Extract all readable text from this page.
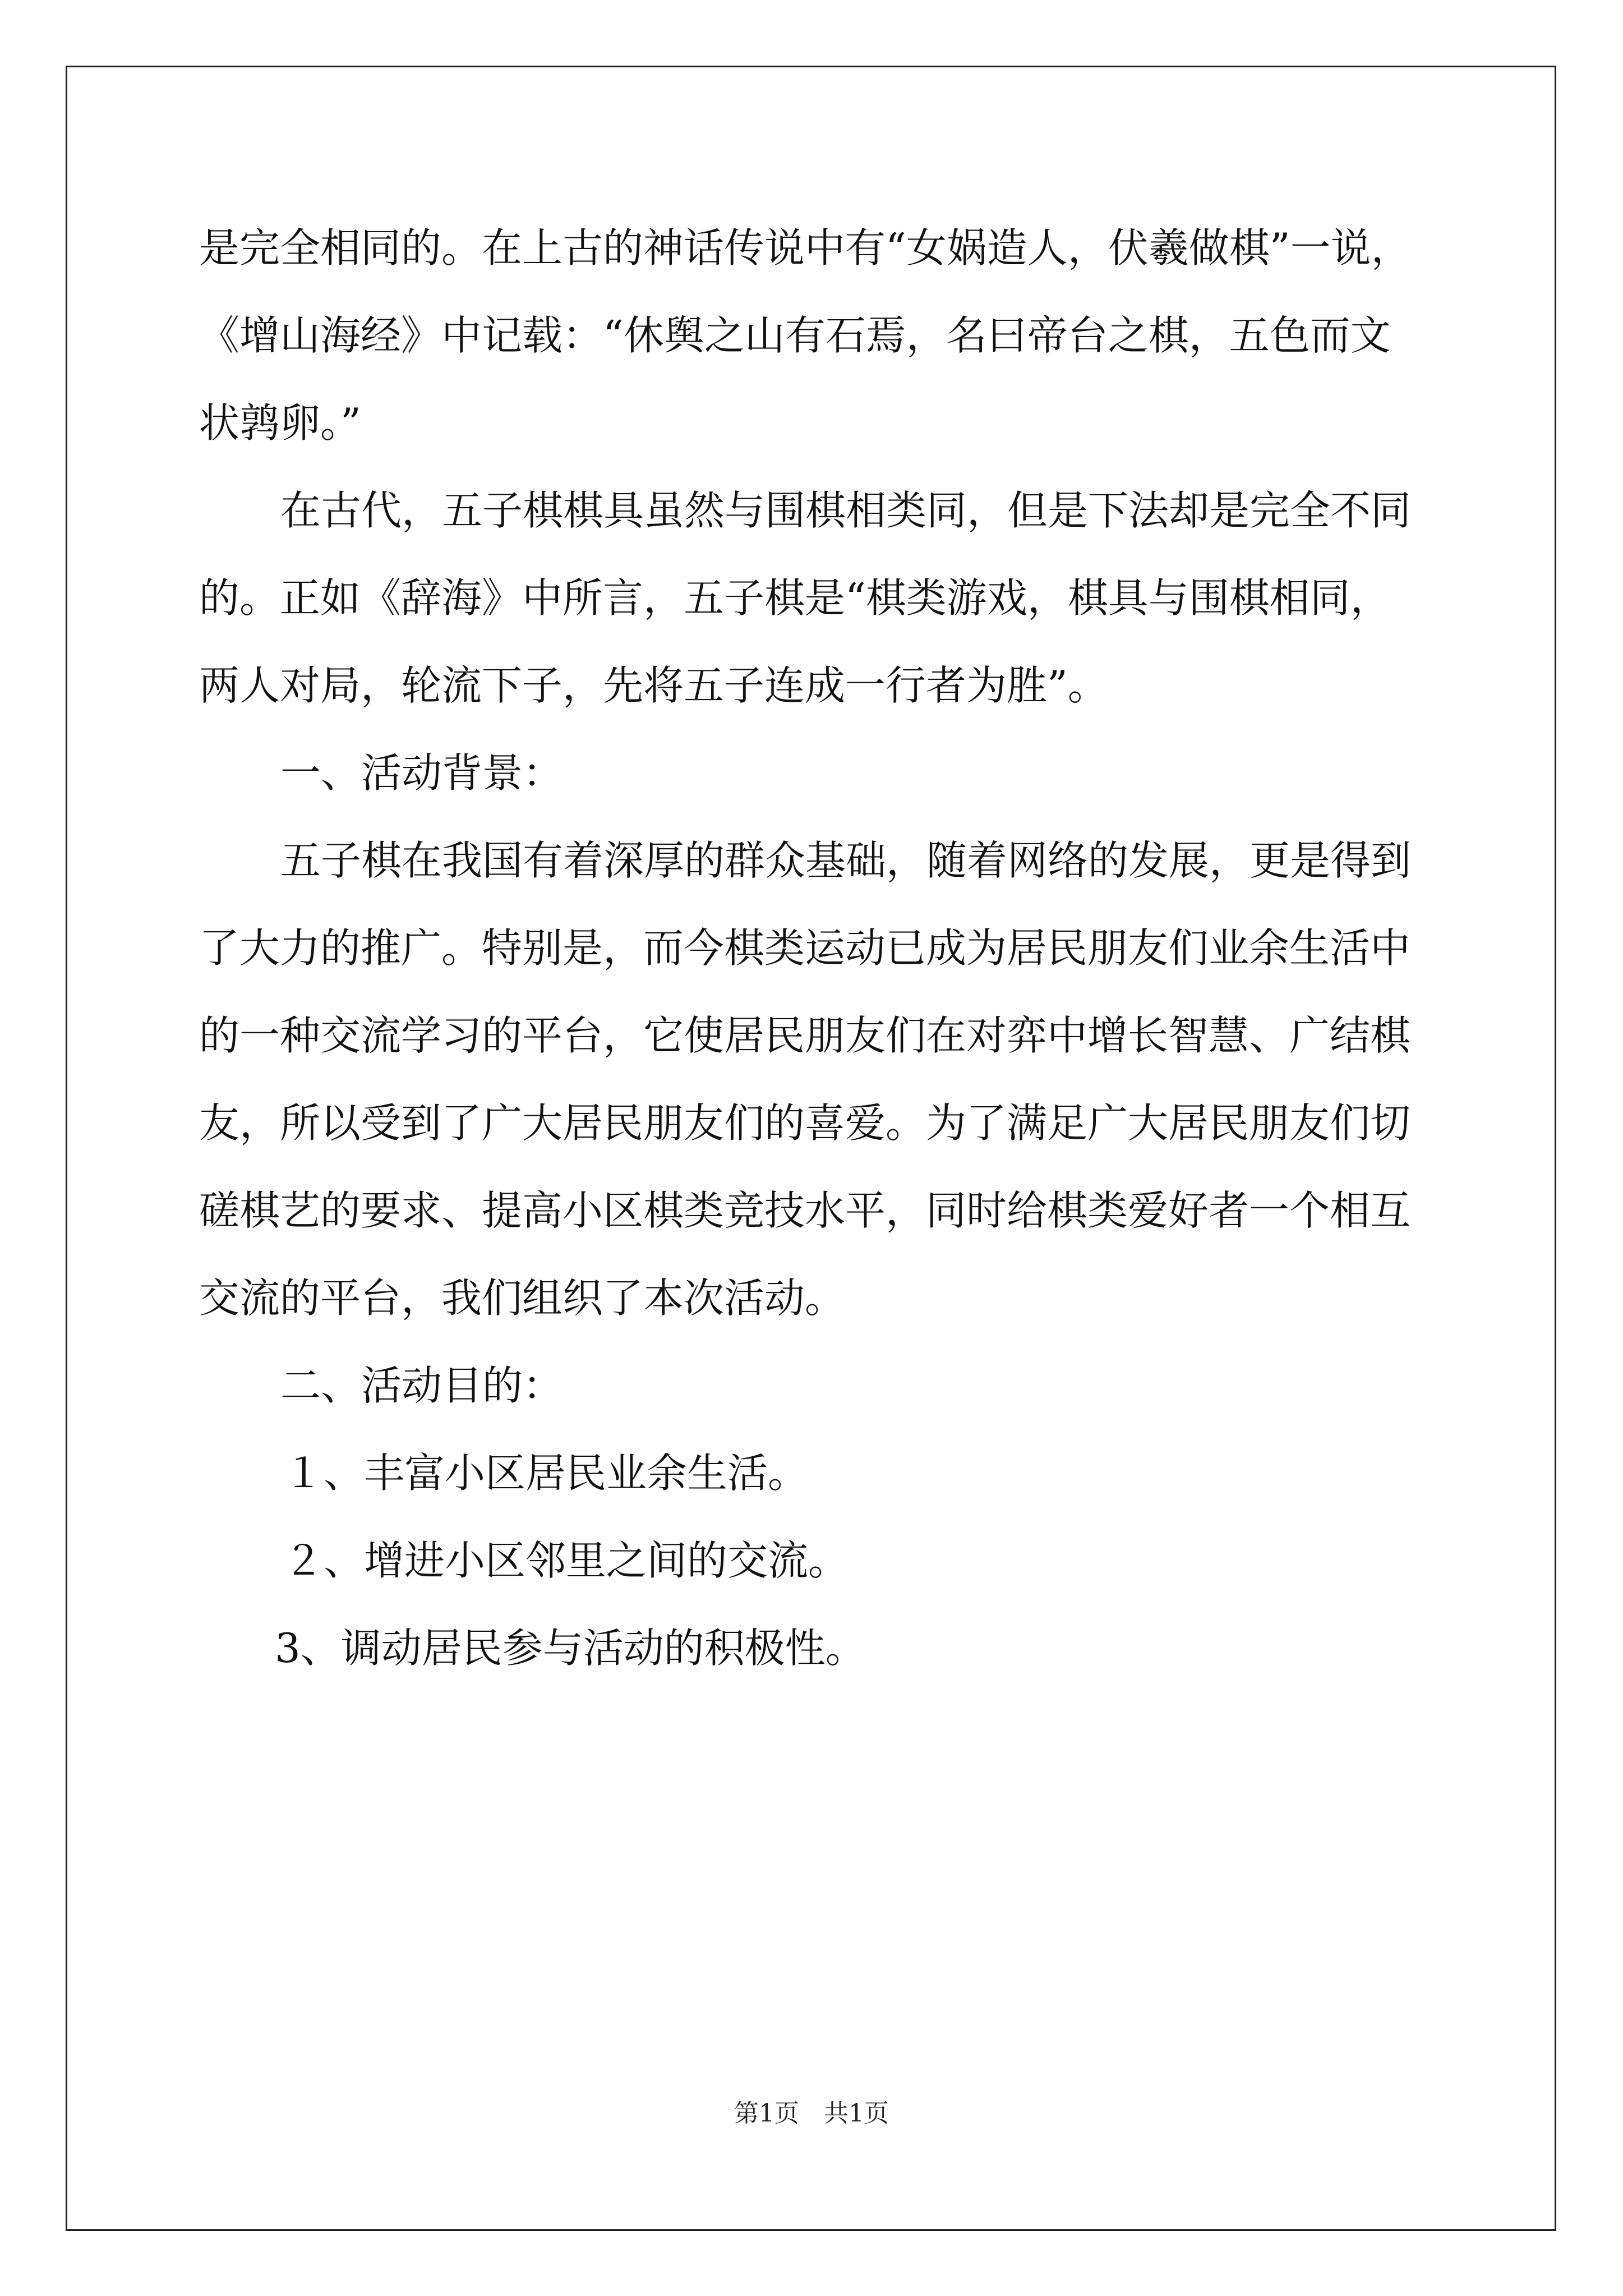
是完全相同的。在上古的神话传说中有“女娲造人，伏羲做棋”一说，
《增山海经》中记载：“休舆之山有石焉，名曰帝台之棋，五色而文
状鹑卵。”
在古代，五子棋棋具虽然与围棋相类同，但是下法却是完全不同
的。正如《辞海》中所言，五子棋是“棋类游戏，棋具与围棋相同，
两人对局，轮流下子，先将五子连成一行者为胜”。
一、活动背景：
五子棋在我国有着深厚的群众基础，随着网络的发展，更是得到
了大力的推广。特别是，而今棋类运动已成为居民朋友们业余生活中
的一种交流学习的平台，它使居民朋友们在对弈中增长智慧、广结棋
友，所以受到了广大居民朋友们的喜爱。为了满足广大居民朋友们切
磋棋艺的要求、提高小区棋类竞技水平，同时给棋类爱好者一个相互
交流的平台，我们组织了本次活动。
二、活动目的：
１、丰富小区居民业余生活。
２、增进小区邻里之间的交流。
3、调动居民参与活动的积极性。
第1页　共1页
